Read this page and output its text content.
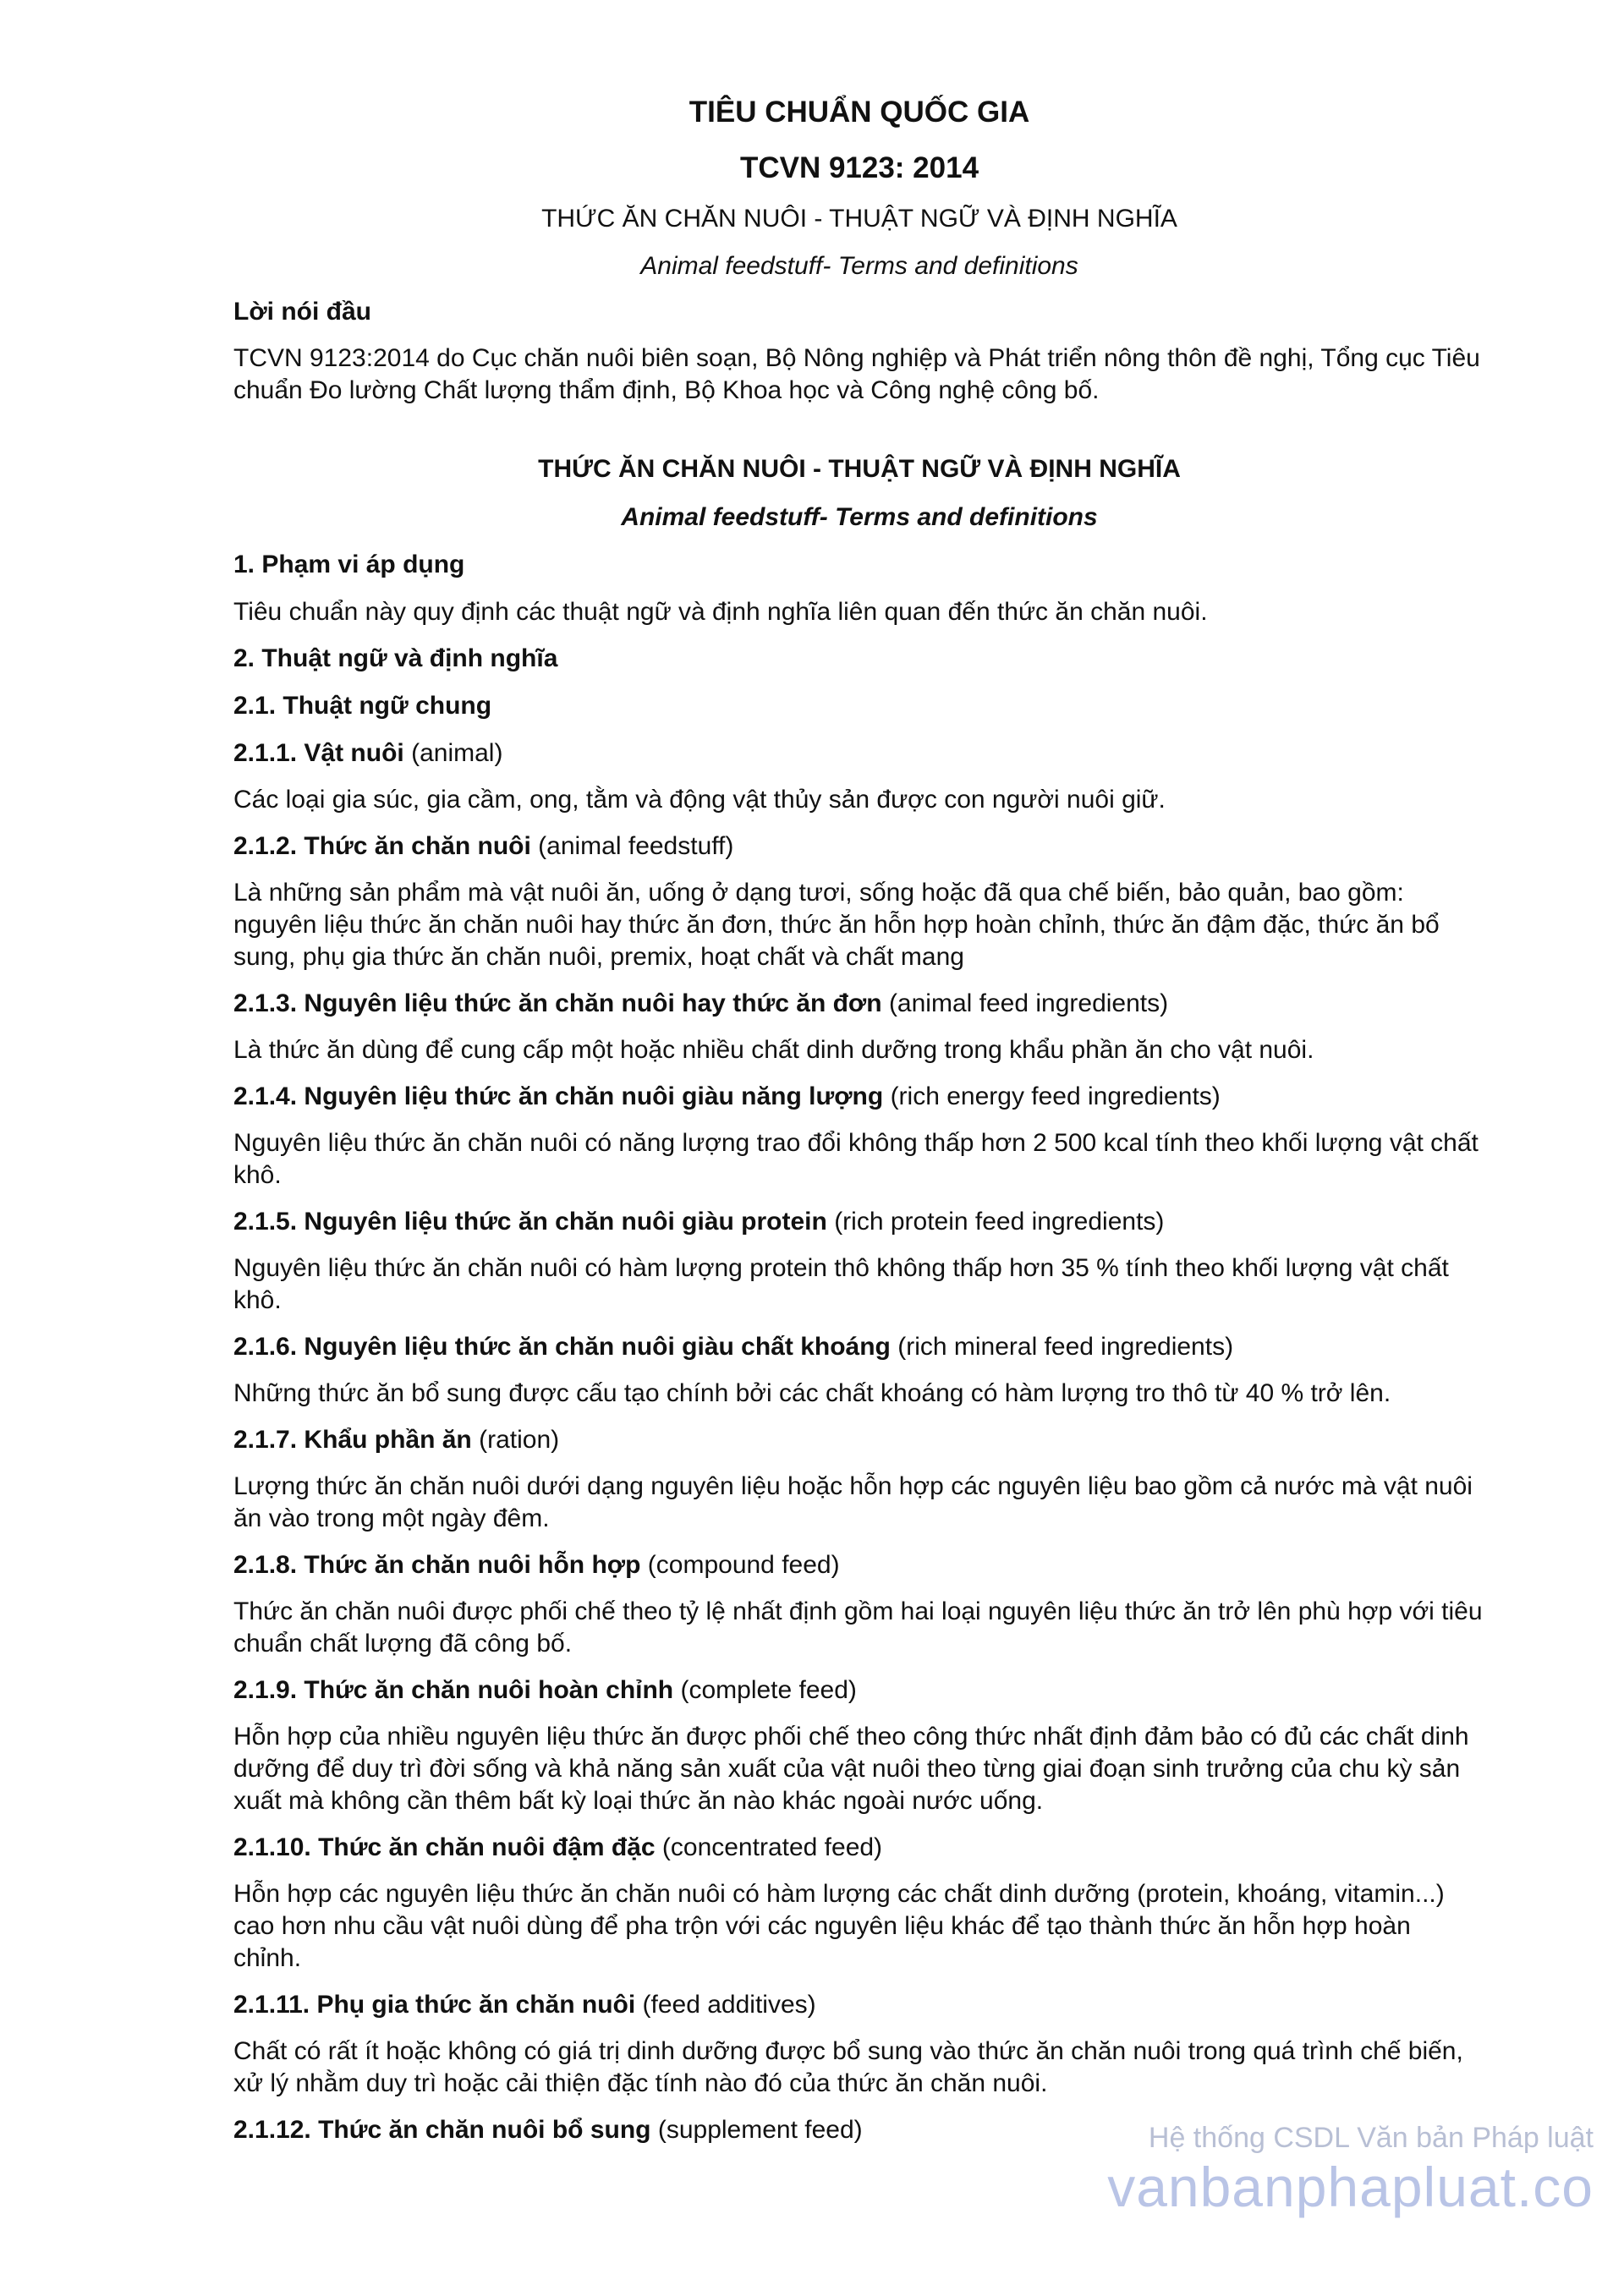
TIÊU CHUẨN QUỐC GIA

TCVN 9123: 2014

THỨC ĂN CHĂN NUÔI - THUẬT NGỮ VÀ ĐỊNH NGHĨA

Animal feedstuff- Terms and definitions

Lời nói đầu

TCVN 9123:2014 do Cục chăn nuôi biên soạn, Bộ Nông nghiệp và Phát triển nông thôn đề nghị, Tổng cục Tiêu chuẩn Đo lường Chất lượng thẩm định, Bộ Khoa học và Công nghệ công bố.

THỨC ĂN CHĂN NUÔI - THUẬT NGỮ VÀ ĐỊNH NGHĨA

Animal feedstuff- Terms and definitions

1. Phạm vi áp dụng

Tiêu chuẩn này quy định các thuật ngữ và định nghĩa liên quan đến thức ăn chăn nuôi.

2. Thuật ngữ và định nghĩa

2.1. Thuật ngữ chung

2.1.1. Vật nuôi (animal)

Các loại gia súc, gia cầm, ong, tằm và động vật thủy sản được con người nuôi giữ.

2.1.2. Thức ăn chăn nuôi (animal feedstuff)

Là những sản phẩm mà vật nuôi ăn, uống ở dạng tươi, sống hoặc đã qua chế biến, bảo quản, bao gồm: nguyên liệu thức ăn chăn nuôi hay thức ăn đơn, thức ăn hỗn hợp hoàn chỉnh, thức ăn đậm đặc, thức ăn bổ sung, phụ gia thức ăn chăn nuôi, premix, hoạt chất và chất mang

2.1.3. Nguyên liệu thức ăn chăn nuôi hay thức ăn đơn (animal feed ingredients)

Là thức ăn dùng để cung cấp một hoặc nhiều chất dinh dưỡng trong khẩu phần ăn cho vật nuôi.

2.1.4. Nguyên liệu thức ăn chăn nuôi giàu năng lượng (rich energy feed ingredients)

Nguyên liệu thức ăn chăn nuôi có năng lượng trao đổi không thấp hơn 2 500 kcal tính theo khối lượng vật chất khô.

2.1.5. Nguyên liệu thức ăn chăn nuôi giàu protein (rich protein feed ingredients)

Nguyên liệu thức ăn chăn nuôi có hàm lượng protein thô không thấp hơn 35 % tính theo khối lượng vật chất khô.

2.1.6. Nguyên liệu thức ăn chăn nuôi giàu chất khoáng (rich mineral feed ingredients)

Những thức ăn bổ sung được cấu tạo chính bởi các chất khoáng có hàm lượng tro thô từ 40 % trở lên.

2.1.7. Khẩu phần ăn (ration)

Lượng thức ăn chăn nuôi dưới dạng nguyên liệu hoặc hỗn hợp các nguyên liệu bao gồm cả nước mà vật nuôi ăn vào trong một ngày đêm.

2.1.8. Thức ăn chăn nuôi hỗn hợp (compound feed)

Thức ăn chăn nuôi được phối chế theo tỷ lệ nhất định gồm hai loại nguyên liệu thức ăn trở lên phù hợp với tiêu chuẩn chất lượng đã công bố.

2.1.9. Thức ăn chăn nuôi hoàn chỉnh (complete feed)

Hỗn hợp của nhiều nguyên liệu thức ăn được phối chế theo công thức nhất định đảm bảo có đủ các chất dinh dưỡng để duy trì đời sống và khả năng sản xuất của vật nuôi theo từng giai đoạn sinh trưởng của chu kỳ sản xuất mà không cần thêm bất kỳ loại thức ăn nào khác ngoài nước uống.

2.1.10. Thức ăn chăn nuôi đậm đặc (concentrated feed)

Hỗn hợp các nguyên liệu thức ăn chăn nuôi có hàm lượng các chất dinh dưỡng (protein, khoáng, vitamin...) cao hơn nhu cầu vật nuôi dùng để pha trộn với các nguyên liệu khác để tạo thành thức ăn hỗn hợp hoàn chỉnh.

2.1.11. Phụ gia thức ăn chăn nuôi (feed additives)

Chất có rất ít hoặc không có giá trị dinh dưỡng được bổ sung vào thức ăn chăn nuôi trong quá trình chế biến, xử lý nhằm duy trì hoặc cải thiện đặc tính nào đó của thức ăn chăn nuôi.

2.1.12. Thức ăn chăn nuôi bổ sung (supplement feed)	Hệ thống CSDL Văn bản Pháp luật
vanbanphapluat.co
